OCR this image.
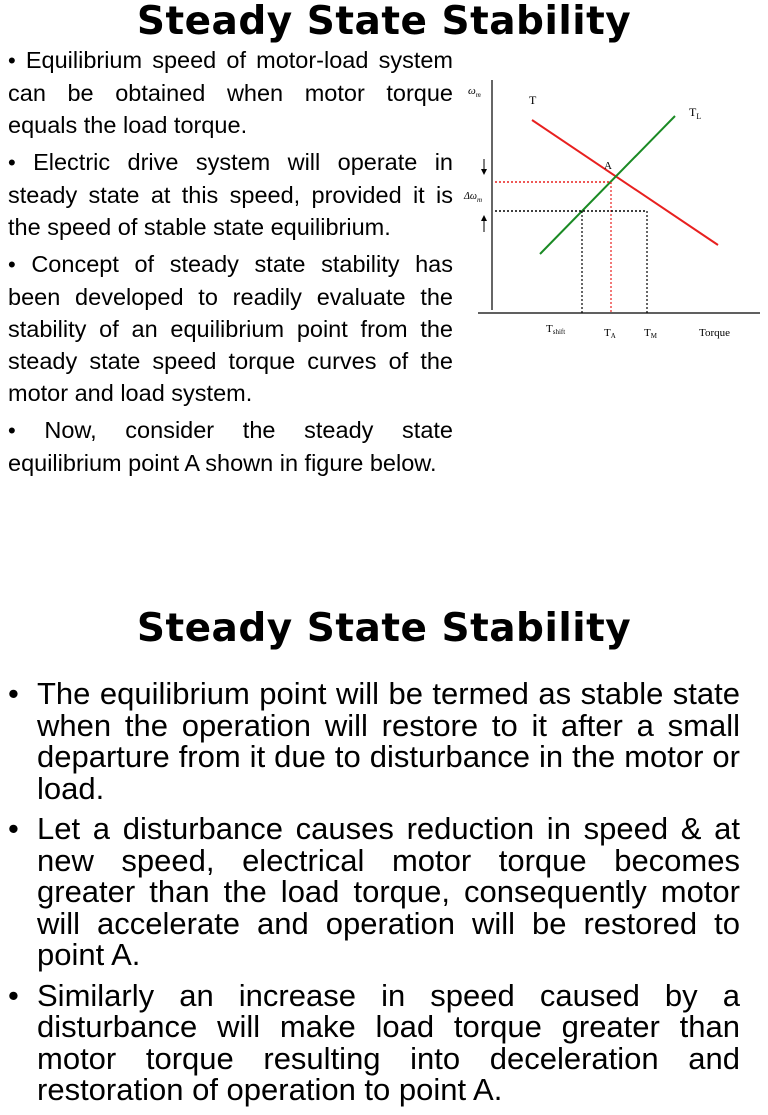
Steady State Stability
• Equilibrium speed of motor-load system can be obtained when motor torque equals the load torque.
• Electric drive system will operate in steady state at this speed, provided it is the speed of stable state equilibrium.
• Concept of steady state stability has been developed to readily evaluate the stability of an equilibrium point from the steady state speed torque curves of the motor and load system.
• Now, consider the steady state equilibrium point A shown in figure below.
$\omega_m$	T
$T_L$
A
$\Delta\omega_m$
Tshift	TA	TM	Torque
Steady State Stability
• The equilibrium point will be termed as stable state when the operation will restore to it after a small departure from it due to disturbance in the motor or load.
• Let a disturbance causes reduction in speed & at new speed, electrical motor torque becomes greater than the load torque, consequently motor will accelerate and operation will be restored to point A.
• Similarly an increase in speed caused by a disturbance will make load torque greater than motor torque resulting into deceleration and restoration of operation to point A.
